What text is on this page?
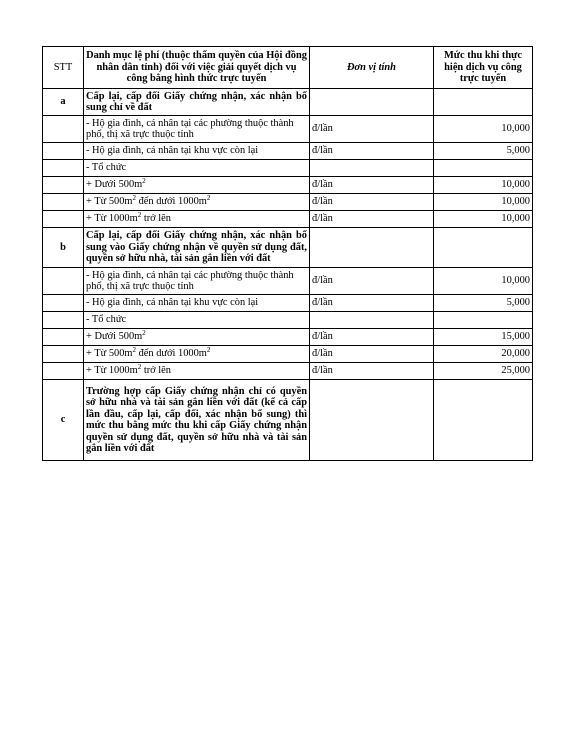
STT	Danh mục lệ phí (thuộc thẩm quyền của Hội đồng nhân dân tỉnh) đối với việc giải quyết dịch vụ công bằng hình thức trực tuyến	Đơn vị tính	Mức thu khi thực hiện dịch vụ công trực tuyến
a	Cấp lại, cấp đổi Giấy chứng nhận, xác nhận bổ sung chỉ về đất		
	- Hộ gia đình, cá nhân tại các phường thuộc thành phố, thị xã trực thuộc tỉnh	đ/lần	10,000
	- Hộ gia đình, cá nhân tại khu vực còn lại	đ/lần	5,000
	- Tổ chức		
	+ Dưới $500m^2$	đ/lần	10,000
	+ Từ $500m^2$ đến dưới $1000m^2$	đ/lần	10,000
	+ Từ $1000m^2$ trở lên	đ/lần	10,000
b	Cấp lại, cấp đổi Giấy chứng nhận, xác nhận bổ sung vào Giấy chứng nhận về quyền sử dụng đất, quyền sở hữu nhà, tài sản gắn liền với đất		
	- Hộ gia đình, cá nhân tại các phường thuộc thành phố, thị xã trực thuộc tỉnh	đ/lần	10,000
	- Hộ gia đình, cá nhân tại khu vực còn lại	đ/lần	5,000
	- Tổ chức		
	+ Dưới $500m^2$	đ/lần	15,000
	+ Từ $500m^2$ đến dưới $1000m^2$	đ/lần	20,000
	+ Từ $1000m^2$ trở lên	đ/lần	25,000
c	Trường hợp cấp Giấy chứng nhận chỉ có quyền sở hữu nhà và tài sản gắn liền với đất (kể cả cấp lần đầu, cấp lại, cấp đổi, xác nhận bổ sung) thì mức thu bằng mức thu khi cấp Giấy chứng nhận quyền sử dụng đất, quyền sở hữu nhà và tài sản gắn liền với đất		
